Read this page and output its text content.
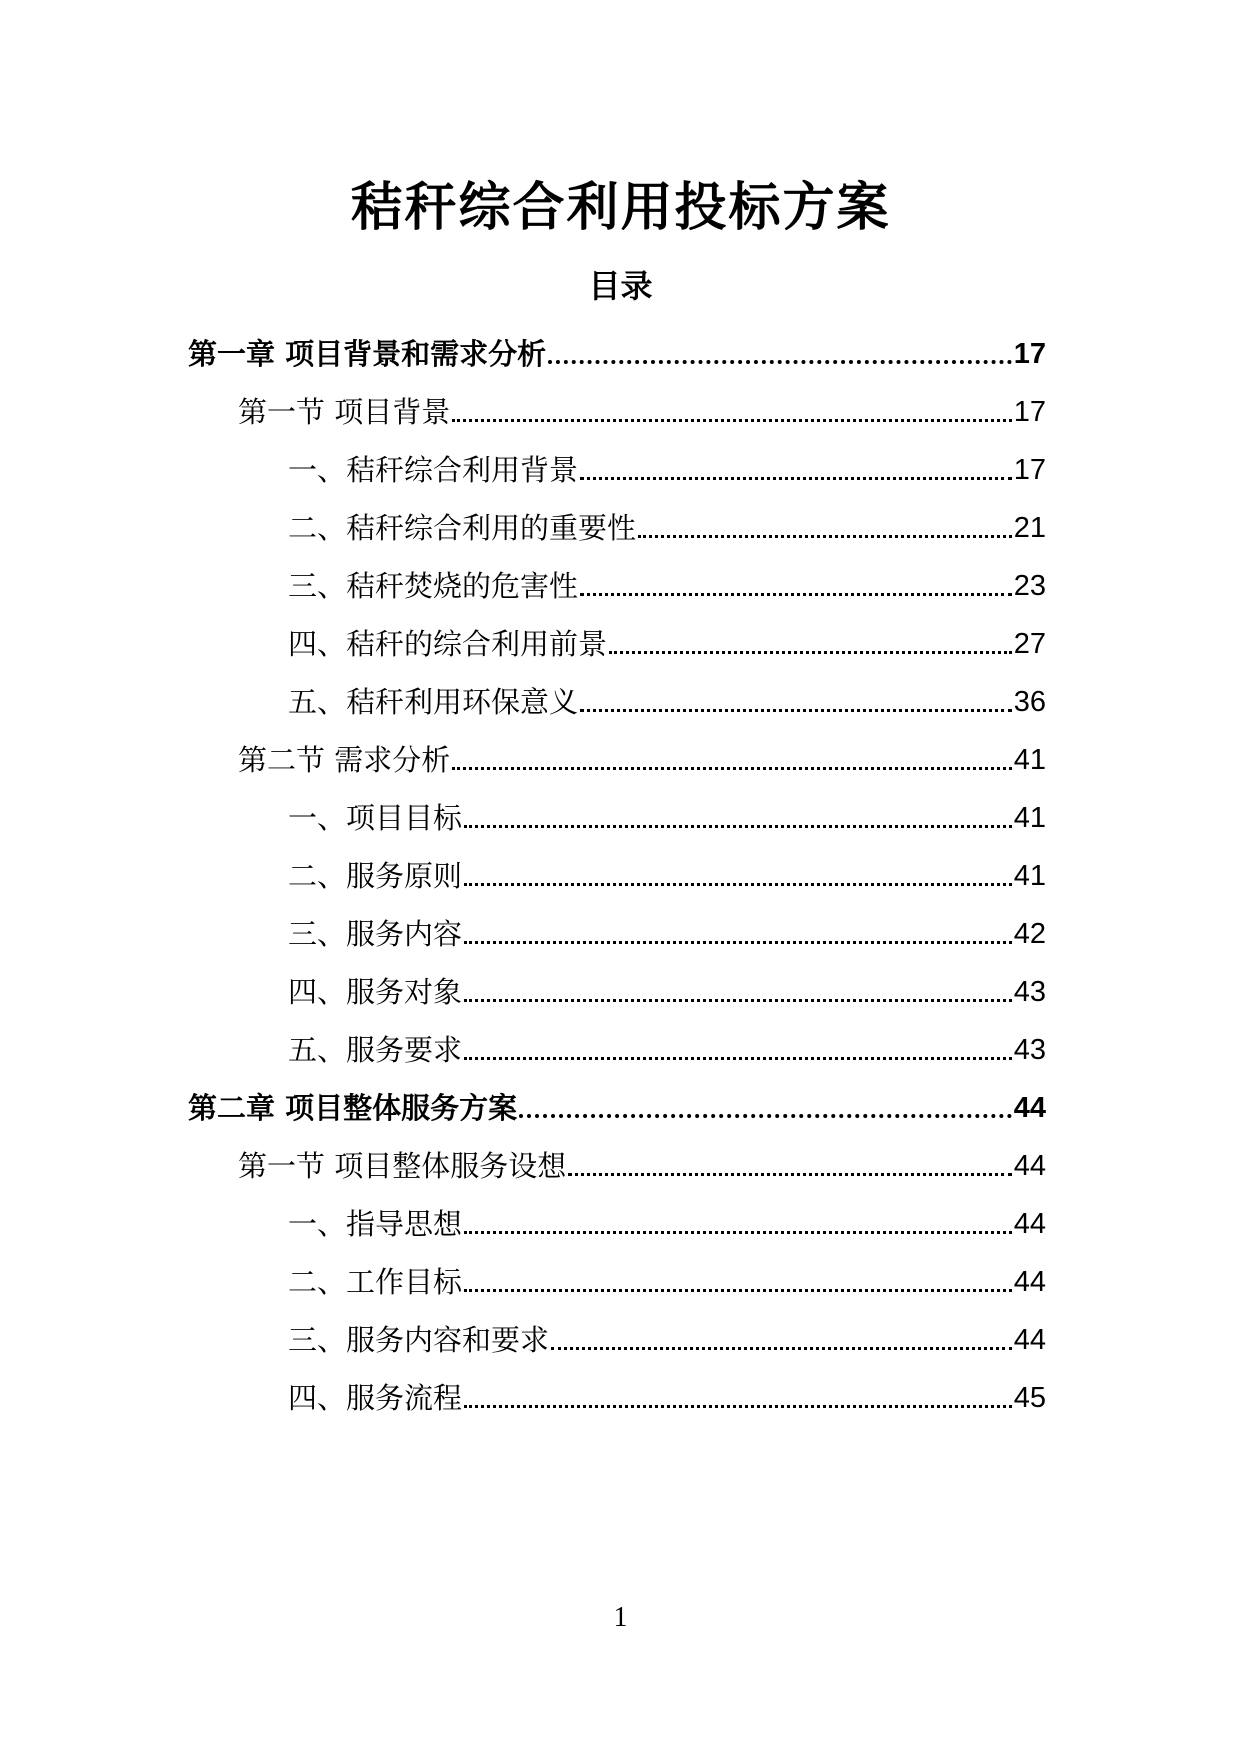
秸秆综合利用投标方案
目录
第一章 项目背景和需求分析	17
第一节 项目背景	17
一、秸秆综合利用背景	17
二、秸秆综合利用的重要性	21
三、秸秆焚烧的危害性	23
四、秸秆的综合利用前景	27
五、秸秆利用环保意义	36
第二节 需求分析	41
一、项目目标	41
二、服务原则	41
三、服务内容	42
四、服务对象	43
五、服务要求	43
第二章 项目整体服务方案	44
第一节 项目整体服务设想	44
一、指导思想	44
二、工作目标	44
三、服务内容和要求	44
四、服务流程	45
1
